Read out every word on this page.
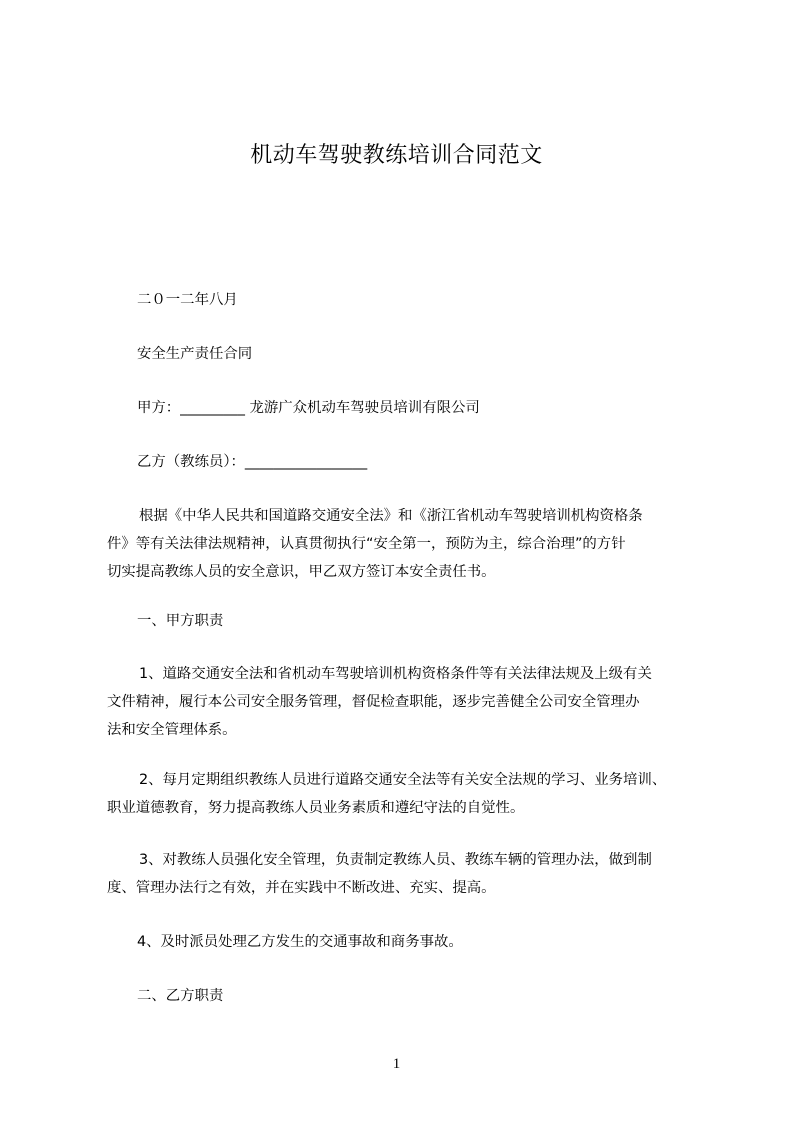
机动车驾驶教练培训合同范文
二０一二年八月
安全生产责任合同
甲方：_________ 龙游广众机动车驾驶员培训有限公司
乙方（教练员）：_________________
根据《中华人民共和国道路交通安全法》和《浙江省机动车驾驶培训机构资格条
件》等有关法律法规精神，认真贯彻执行“安全第一，预防为主，综合治理”的方针
切实提高教练人员的安全意识，甲乙双方签订本安全责任书。
一、甲方职责
1、道路交通安全法和省机动车驾驶培训机构资格条件等有关法律法规及上级有关
文件精神，履行本公司安全服务管理，督促检查职能，逐步完善健全公司安全管理办
法和安全管理体系。
2、每月定期组织教练人员进行道路交通安全法等有关安全法规的学习、业务培训、
职业道德教育，努力提高教练人员业务素质和遵纪守法的自觉性。
3、对教练人员强化安全管理，负责制定教练人员、教练车辆的管理办法，做到制
度、管理办法行之有效，并在实践中不断改进、充实、提高。
4、及时派员处理乙方发生的交通事故和商务事故。
二、乙方职责
1
